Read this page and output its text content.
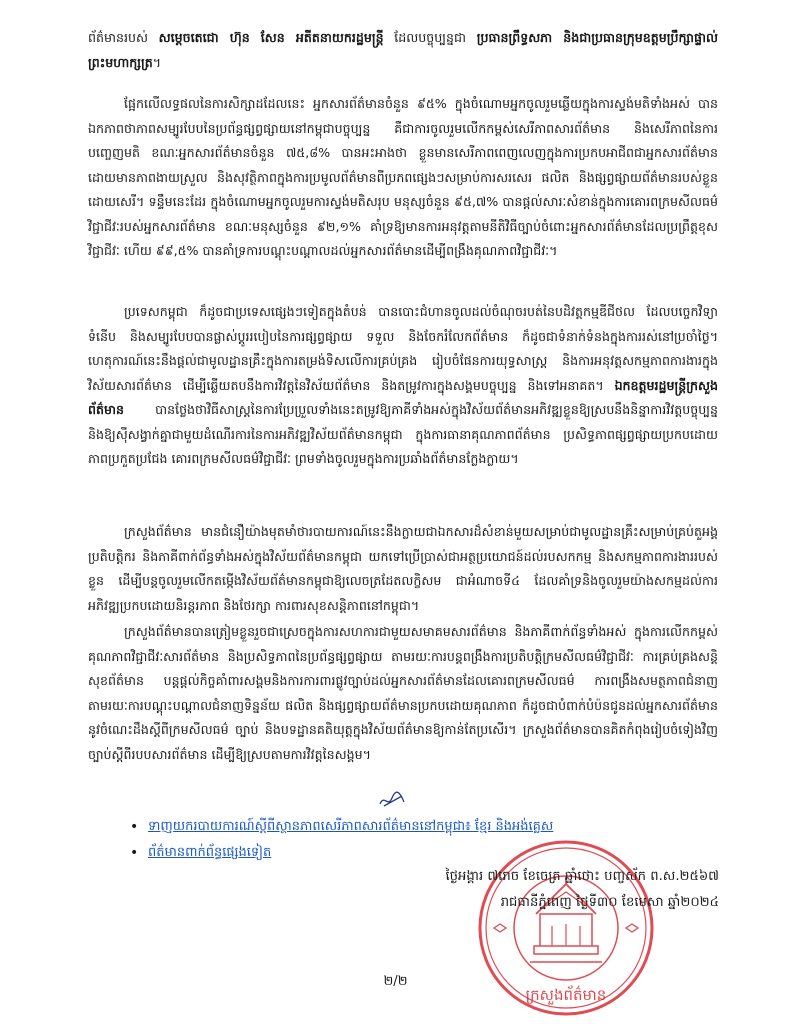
ព័ត៌មានរបស់ សម្តេចតេជោ ហ៊ុន សែន អតីតនាយករដ្ឋមន្ត្រី ដែលបច្ចុប្បន្នជា ប្រធានព្រឹទ្ធសភា និងជាប្រធានក្រុមឧត្តមប្រឹក្សាផ្ទាល់ព្រះមហាក្សត្រ។

ផ្អែកលើលទ្ធផលនៃការសិក្សាដដែលនេះ អ្នកសារព័ត៌មានចំនួន ៩៥% ក្នុងចំណោមអ្នកចូលរួមឆ្លើយក្នុងការស្ទង់មតិទាំងអស់ បានឯកភាពថាភាពសម្បូរបែបនៃប្រព័ន្ធផ្សព្វផ្សាយនៅកម្ពុជាបច្ចុប្បន្ន គឺជាការចូលរួមលើកកម្ពស់សេរីភាពសារព័ត៌មាន និងសេរីភាពនៃការបញ្ចេញមតិ ខណៈអ្នកសារព័ត៌មានចំនួន ៧៥,៨% បានអះអាងថា ខ្លួនមានសេរីភាពពេញលេញក្នុងការប្រកបអាជីពជាអ្នកសារព័ត៌មាន ដោយមានភាពងាយស្រួល និងសុវត្ថិភាពក្នុងការប្រមូលព័ត៌មានពីប្រភពផ្សេងៗសម្រាប់ការសរសេរ ផលិត និងផ្សព្វផ្សាយព័ត៌មានរបស់ខ្លួនដោយសេរី។ ទន្ទឹមនេះដែរ ក្នុងចំណោមអ្នកចូលរួមការស្ទង់មតិសរុប មនុស្សចំនួន ៩៥,៧% បានផ្តល់សារៈសំខាន់ក្នុងការគោរពក្រមសីលធម៌វិជ្ជាជីវៈរបស់អ្នកសារព័ត៌មាន ខណៈមនុស្សចំនួន ៩២,១% គាំទ្រឱ្យមានការអនុវត្តតាមនីតិវិធីច្បាប់ចំពោះអ្នកសារព័ត៌មានដែលប្រព្រឹត្តខុសវិជ្ជាជីវៈ ហើយ ៩៩,៥% បានគាំទ្រការបណ្តុះបណ្តាលដល់អ្នកសារព័ត៌មានដើម្បីពង្រឹងគុណភាពវិជ្ជាជីវៈ។

ប្រទេសកម្ពុជា ក៏ដូចជាប្រទេសផ្សេងៗទៀតក្នុងតំបន់ បានបោះជំហានចូលដល់ចំណុចរបត់នៃបដិវត្តកម្មឌីជីថល ដែលបច្ចេកវិទ្យាទំនើប និងសម្បូរបែបបានផ្លាស់ប្តូររបៀបនៃការផ្សព្វផ្សាយ ទទួល និងចែករំលែកព័ត៌មាន ក៏ដូចជាទំនាក់ទំនងក្នុងការរស់នៅប្រចាំថ្ងៃ។ ហេតុការណ៍នេះនឹងផ្តល់ជាមូលដ្ឋានគ្រឹះក្នុងការតម្រង់ទិសលើការគ្រប់គ្រង រៀបចំផែនការយុទ្ធសាស្ត្រ និងការអនុវត្តសកម្មភាពការងារក្នុងវិស័យសារព័ត៌មាន ដើម្បីឆ្លើយតបនឹងការវិវត្តនៃវិស័យព័ត៌មាន និងតម្រូវការក្នុងសង្គមបច្ចុប្បន្ន និងទៅអនាគត។ ឯកឧត្តមរដ្ឋមន្ត្រីក្រសួងព័ត៌មាន បានថ្លែងថាវិធីសាស្ត្រនៃការប្រែប្រួលទាំងនេះតម្រូវឱ្យភាគីទាំងអស់ក្នុងវិស័យព័ត៌មានអភិវឌ្ឍខ្លួនឱ្យស្របនឹងនិន្នាការវិវត្តបច្ចុប្បន្ន និងឱ្យស៊ីសង្វាក់គ្នាជាមួយដំណើរការនៃការអភិវឌ្ឍវិស័យព័ត៌មានកម្ពុជា ក្នុងការធានាគុណភាពព័ត៌មាន ប្រសិទ្ធភាពផ្សព្វផ្សាយប្រកបដោយភាពប្រកួតប្រជែង គោរពក្រមសីលធម៌វិជ្ជាជីវៈ ព្រមទាំងចូលរួមក្នុងការប្រឆាំងព័ត៌មានក្លែងក្លាយ។

ក្រសួងព័ត៌មាន មានជំនឿយ៉ាងមុតមាំថារបាយការណ៍នេះនឹងក្លាយជាឯកសារដ៏សំខាន់មួយសម្រាប់ជាមូលដ្ឋានគ្រឹះសម្រាប់គ្រប់តួអង្គ ប្រតិបត្តិករ និងភាគីពាក់ព័ន្ធទាំងអស់ក្នុងវិស័យព័ត៌មានកម្ពុជា យកទៅប្រើប្រាស់ជាអត្ថប្រយោជន៍ដល់របសកកម្ម និងសកម្មភាពការងាររបស់ខ្លួន ដើម្បីបន្តចូលរួមលើកតម្កើងវិស័យព័ត៌មានកម្ពុជាឱ្យលេចត្រដែតលក្ខិសម ជាអំណាចទី៤ ដែលគាំទ្រនិងចូលរួមយ៉ាងសកម្មដល់ការអភិវឌ្ឍប្រកបដោយនិរន្តរភាព និងថែរក្សា ការពារសុខសន្តិភាពនៅកម្ពុជា។

ក្រសួងព័ត៌មានបានត្រៀមខ្លួនរួចជាស្រេចក្នុងការសហការជាមួយសមាគមសារព័ត៌មាន និងភាគីពាក់ព័ន្ធទាំងអស់ ក្នុងការលើកកម្ពស់គុណភាពវិជ្ជាជីវៈសារព័ត៌មាន និងប្រសិទ្ធភាពនៃប្រព័ន្ធផ្សព្វផ្សាយ តាមរយៈការបន្តពង្រឹងការប្រតិបត្តិក្រមសីលធម៌វិជ្ជាជីវៈ ការគ្រប់គ្រងសន្តិសុខព័ត៌មាន បន្តផ្តល់កិច្ចគាំពារសង្គមនិងការការពារផ្លូវច្បាប់ដល់អ្នកសារព័ត៌មានដែលគោរពក្រមសីលធម៌ ការពង្រឹងសមត្ថភាពជំនាញតាមរយៈការបណ្តុះបណ្តាលជំនាញទិន្នន័យ ផលិត និងផ្សព្វផ្សាយព័ត៌មានប្រកបដោយគុណភាព ក៏ដូចជាបំពាក់បំប៉នជូនដល់អ្នកសារព័ត៌មាននូវចំណេះដឹងស្តីពីក្រមសីលធម៌ ច្បាប់ និងបទដ្ឋានគតិយុត្តក្នុងវិស័យព័ត៌មានឱ្យកាន់តែប្រសើរ។ ក្រសួងព័ត៌មានបានគិតកំពុងរៀបចំទៀងវិញច្បាប់ស្តីពីរបបសារព័ត៌មាន ដើម្បីឱ្យស្របតាមការវិវត្តនៃសង្គម។

• ទាញយករបាយការណ៍ស្តីពីស្ថានភាពសេរីភាពសារព័ត៌មាននៅកម្ពុជា៖ ខ្មែរ និងអង់គ្លេស
• ព័ត៌មានពាក់ព័ន្ធផ្សេងទៀត
ក្រសួងព័ត៌មាន
ថ្ងៃអង្គារ ៧រោច ខែចេត្រ ឆ្នាំថោះ បញ្ចស័ក ព.ស.២៥៦៧
រាជធានីភ្នំពេញ ថ្ងៃទី៣០ ខែមេសា ឆ្នាំ២០២៤
២/២
